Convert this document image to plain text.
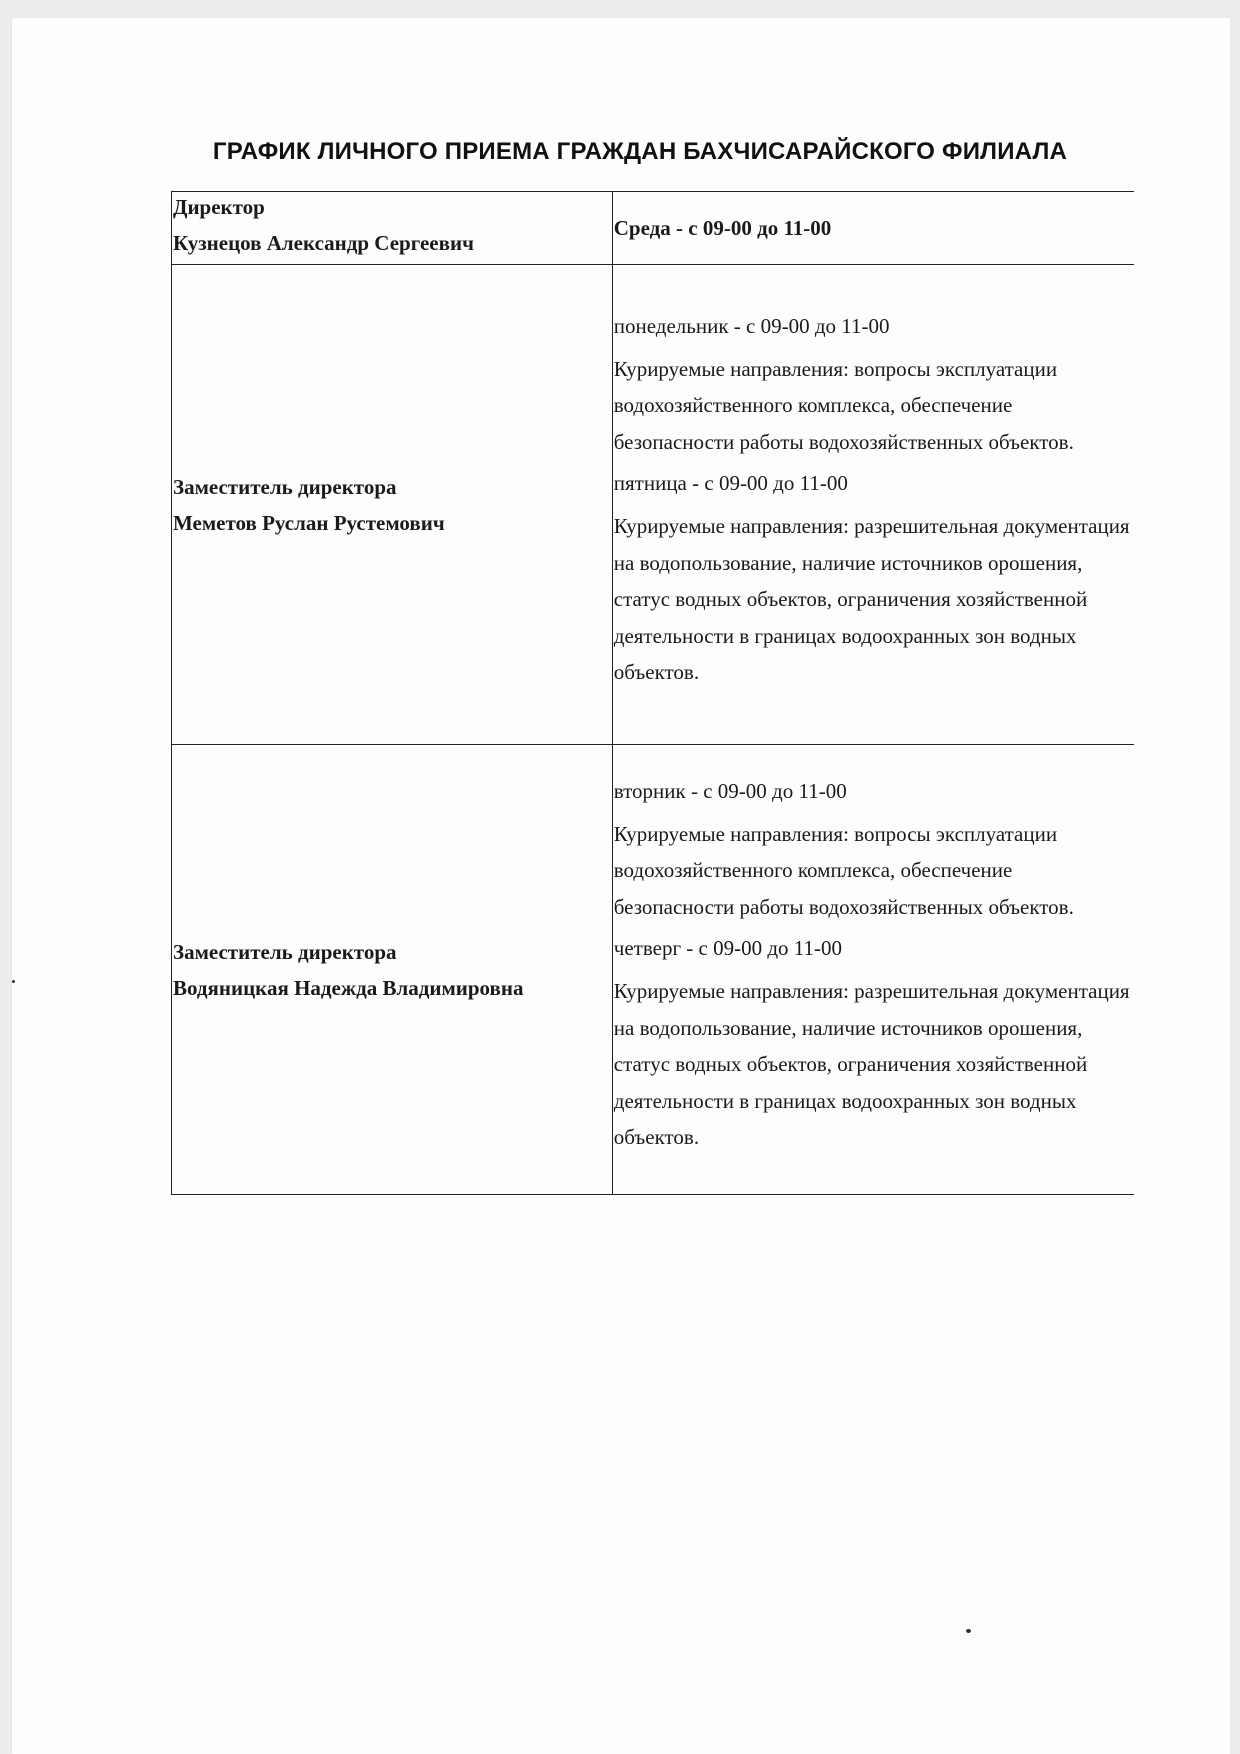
ГРАФИК ЛИЧНОГО ПРИЕМА ГРАЖДАН БАХЧИСАРАЙСКОГО ФИЛИАЛА
Директор
Кузнецов Александр Сергеевич	Среда - с 09-00 до 11-00

Заместитель директора
Меметов Руслан Рустемович	понедельник - с 09-00 до 11-00
Курируемые направления: вопросы эксплуатации водохозяйственного комплекса, обеспечение безопасности работы водохозяйственных объектов.
пятница - с 09-00 до 11-00
Курируемые направления: разрешительная документация на водопользование, наличие источников орошения, статус водных объектов, ограничения хозяйственной деятельности в границах водоохранных зон водных объектов.

Заместитель директора
Водяницкая Надежда Владимировна	вторник - с 09-00 до 11-00
Курируемые направления: вопросы эксплуатации водохозяйственного комплекса, обеспечение безопасности работы водохозяйственных объектов.
четверг - с 09-00 до 11-00
Курируемые направления: разрешительная документация на водопользование, наличие источников орошения, статус водных объектов, ограничения хозяйственной деятельности в границах водоохранных зон водных объектов.
